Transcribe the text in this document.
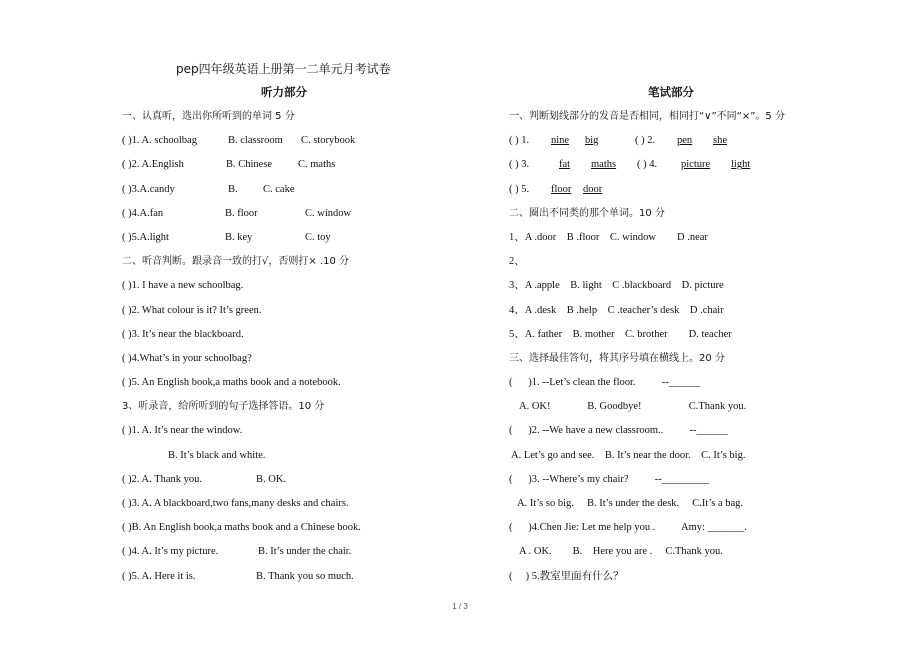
pep四年级英语上册第一二单元月考试卷
听力部分	笔试部分
一、认真听，选出你所听到的单词 5 分
( )1. A. schoolbag	B. classroom C. storybook
( )2. A.English	B. Chinese C. maths
( )3.A.candy	B. C. cake
( )4.A.fan	B. floor	C. window
( )5.A.light	B. key	C. toy
二、听音判断。跟录音一致的打√，否则打× .10 分
( )1. I have a new schoolbag.
( )2. What colour is it? It’s green.
( )3. It’s near the blackboard.
( )4.What’s in your schoolbag?
( )5. An English book,a maths book and a notebook.
3、听录音，给所听到的句子选择答语。10 分
( )1. A. It’s near the window.
B. It’s black and white.
( )2. A. Thank you.	B. OK.
( )3. A. A blackboard,two fans,many desks and chairs.
( )B. An English book,a maths book and a Chinese book.
( )4. A. It’s my picture.	B. It’s under the chair.
( )5. A. Here it is.	B. Thank you so much.
一、判断划线部分的发音是否相同，相同打“∨”不同“×”。5 分
( ) 1. nine big	( ) 2. pen she
( ) 3.	fat maths ( ) 4. picture light
( ) 5. floor door
二、圈出不同类的那个单词。10 分
1、A .door    B .floor    C. window        D .near
2、
3、A .apple    B. light    C .blackboard    D. picture
4、A .desk    B .help    C .teacher’s desk    D .chair
5、A. father    B. mother    C. brother        D. teacher
三、选择最佳答句，将其序号填在横线上。20 分
(      )1. --Let’s clean the floor.          --______
A. OK!              B. Goodbye!                  C.Thank you.
(      )2. --We have a new classroom..          --______
A. Let’s go and see.    B. It’s near the door.    C. It’s big.
(      )3. --Where’s my chair?          --_________
A. It’s so big.     B. It’s under the desk.     C.It’s a bag.
(      )4.Chen Jie: Let me help you .          Amy: _______.
A . OK.        B.    Here you are .     C.Thank you.
(     ) 5.教室里面有什么？
1 / 3
